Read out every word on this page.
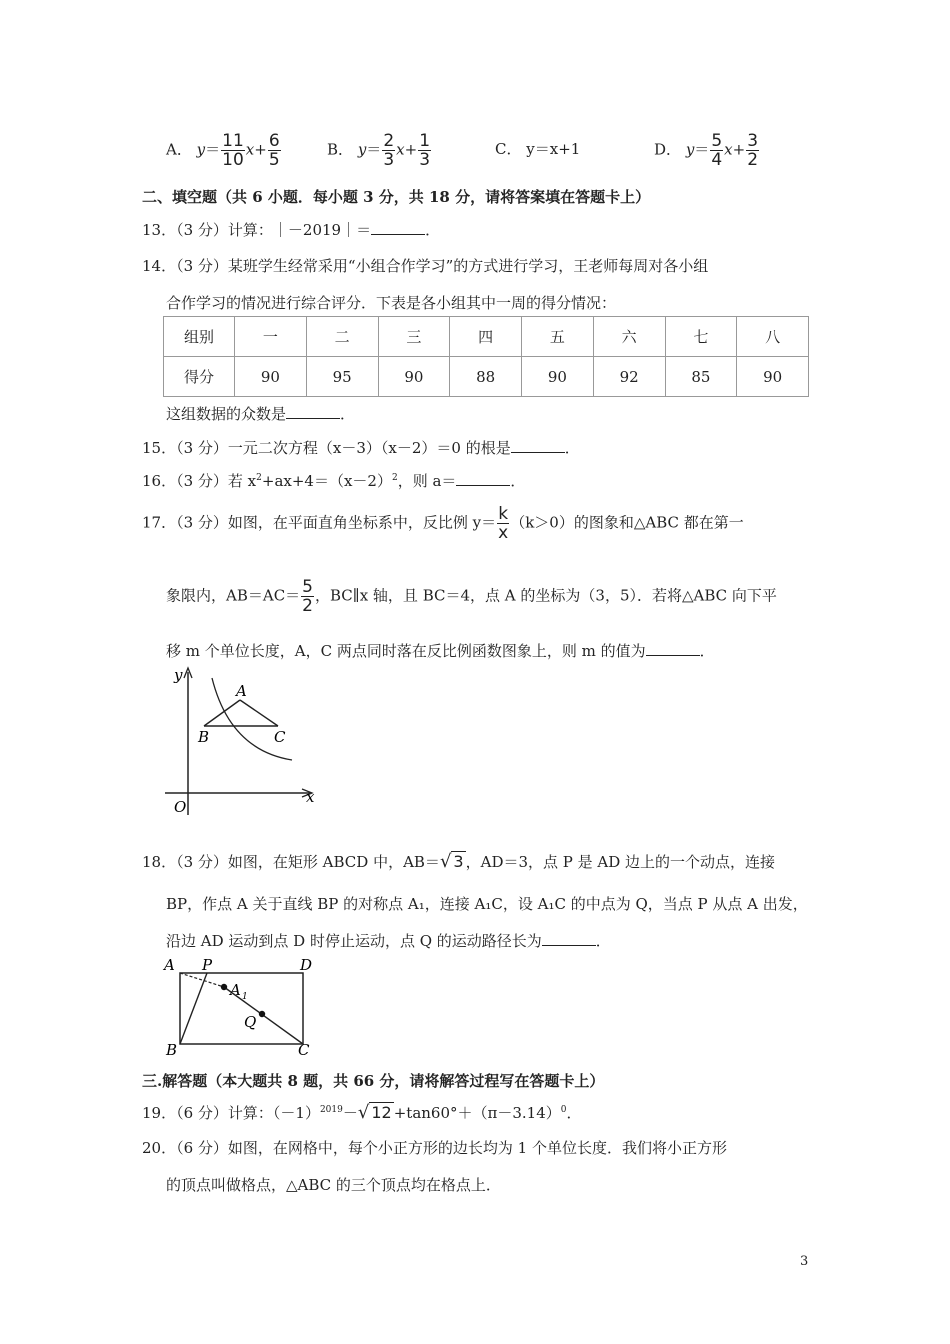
A． $y= \frac{11}{10} x+ \frac{6}{5}$	B． $y= \frac{2}{3} x+ \frac{1}{3}$	C． y＝x+1	D． $y= \frac{5}{4} x+ \frac{3}{2}$
二、填空题（共 6 小题．每小题 3 分，共 18 分，请将答案填在答题卡上）
13．（3 分）计算：｜－2019｜＝	．
14．（3 分）某班学生经常采用“小组合作学习”的方式进行学习，王老师每周对各小组
合作学习的情况进行综合评分．下表是各小组其中一周的得分情况：
组别	一	二	三	四	五	六	七	八
得分	90	95	90	88	90	92	85	90
这组数据的众数是	．
15．（3 分）一元二次方程（x－3）（x－2）＝0 的根是	．
16．（3 分）若 $x^2+ax+4=(x-2)^2$，则 a＝	．
17．（3 分）如图，在平面直角坐标系中，反比例 $y= \frac{k}{x} (k>0)$的图象和△ABC 都在第一
象限内，$AB=AC= \frac{5}{2}$ ，BC∥x 轴，且 BC＝4，点 A 的坐标为（3，5）．若将△ABC 向下平
移 m 个单位长度，A，C 两点同时落在反比例函数图象上，则 m 的值为	．
y
x
O
A
B	C
18．（3 分）如图，在矩形 ABCD 中，AB＝√ 3 ，AD＝3，点 P 是 AD 边上的一个动点，连接
BP，作点 A 关于直线 BP 的对称点 A₁，连接 A₁C，设 A₁C 的中点为 Q，当点 P 从点 A 出发，
沿边 AD 运动到点 D 时停止运动，点 Q 的运动路径长为	．
A P	D
A 1
Q
B	C
三.解答题（本大题共 8 题，共 66 分，请将解答过程写在答题卡上）
19．（6 分）计算：$(-1)^{2019}-√$ $12 +\tan 60^\circ+(\pi-3.14)^0$．
20．（6 分）如图，在网格中，每个小正方形的边长均为 1 个单位长度．我们将小正方形
的顶点叫做格点，△ABC 的三个顶点均在格点上．
3
